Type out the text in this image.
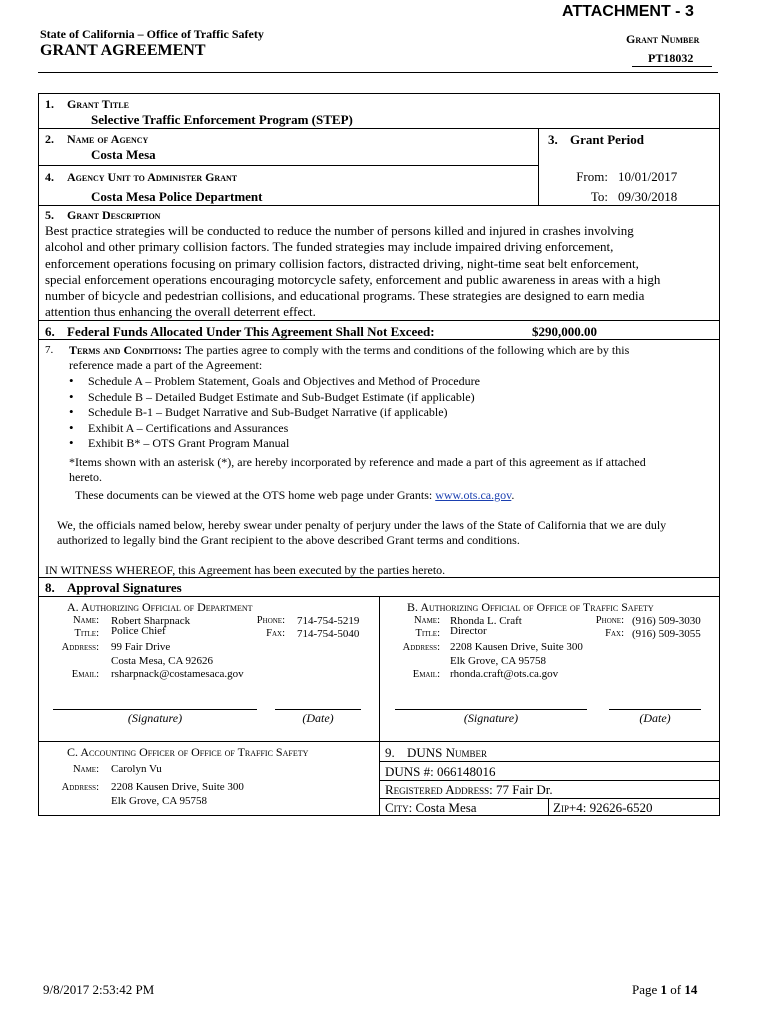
ATTACHMENT - 3
State of California – Office of Traffic Safety
GRANT AGREEMENT
Grant Number
PT18032
1. Grant Title
Selective Traffic Enforcement Program (STEP)
2. Name of Agency
Costa Mesa
3. Grant Period
From: 10/01/2017
To: 09/30/2018
4. Agency Unit to Administer Grant
Costa Mesa Police Department
5. Grant Description
Best practice strategies will be conducted to reduce the number of persons killed and injured in crashes involving
alcohol and other primary collision factors. The funded strategies may include impaired driving enforcement,
enforcement operations focusing on primary collision factors, distracted driving, night-time seat belt enforcement,
special enforcement operations encouraging motorcycle safety, enforcement and public awareness in areas with a high
number of bicycle and pedestrian collisions, and educational programs. These strategies are designed to earn media
attention thus enhancing the overall deterrent effect.
6. Federal Funds Allocated Under This Agreement Shall Not Exceed:	$290,000.00
7. Terms and Conditions: The parties agree to comply with the terms and conditions of the following which are by this
reference made a part of the Agreement:
• Schedule A – Problem Statement, Goals and Objectives and Method of Procedure
• Schedule B – Detailed Budget Estimate and Sub-Budget Estimate (if applicable)
• Schedule B-1 – Budget Narrative and Sub-Budget Narrative (if applicable)
• Exhibit A – Certifications and Assurances
• Exhibit B* – OTS Grant Program Manual
*Items shown with an asterisk (*), are hereby incorporated by reference and made a part of this agreement as if attached
hereto.
These documents can be viewed at the OTS home web page under Grants: www.ots.ca.gov.
We, the officials named below, hereby swear under penalty of perjury under the laws of the State of California that we are duly
authorized to legally bind the Grant recipient to the above described Grant terms and conditions.
IN WITNESS WHEREOF, this Agreement has been executed by the parties hereto.
8. Approval Signatures
A. Authorizing Official of Department
Name: Robert Sharpnack	Phone: 714-754-5219
Title: Police Chief	Fax: 714-754-5040
Address: 99 Fair Drive
Costa Mesa, CA 92626
Email: rsharpnack@costamesaca.gov
(Signature)	(Date)
B. Authorizing Official of Office of Traffic Safety
Name: Rhonda L. Craft	Phone: (916) 509-3030
Title: Director	Fax: (916) 509-3055
Address: 2208 Kausen Drive, Suite 300
Elk Grove, CA 95758
Email: rhonda.craft@ots.ca.gov
(Signature)	(Date)
C. Accounting Officer of Office of Traffic Safety
Name: Carolyn Vu
Address: 2208 Kausen Drive, Suite 300
Elk Grove, CA 95758
9. DUNS Number
DUNS #: 066148016
Registered Address: 77 Fair Dr.
City: Costa Mesa	Zip+4: 92626-6520
9/8/2017 2:53:42 PM	Page 1 of 14
